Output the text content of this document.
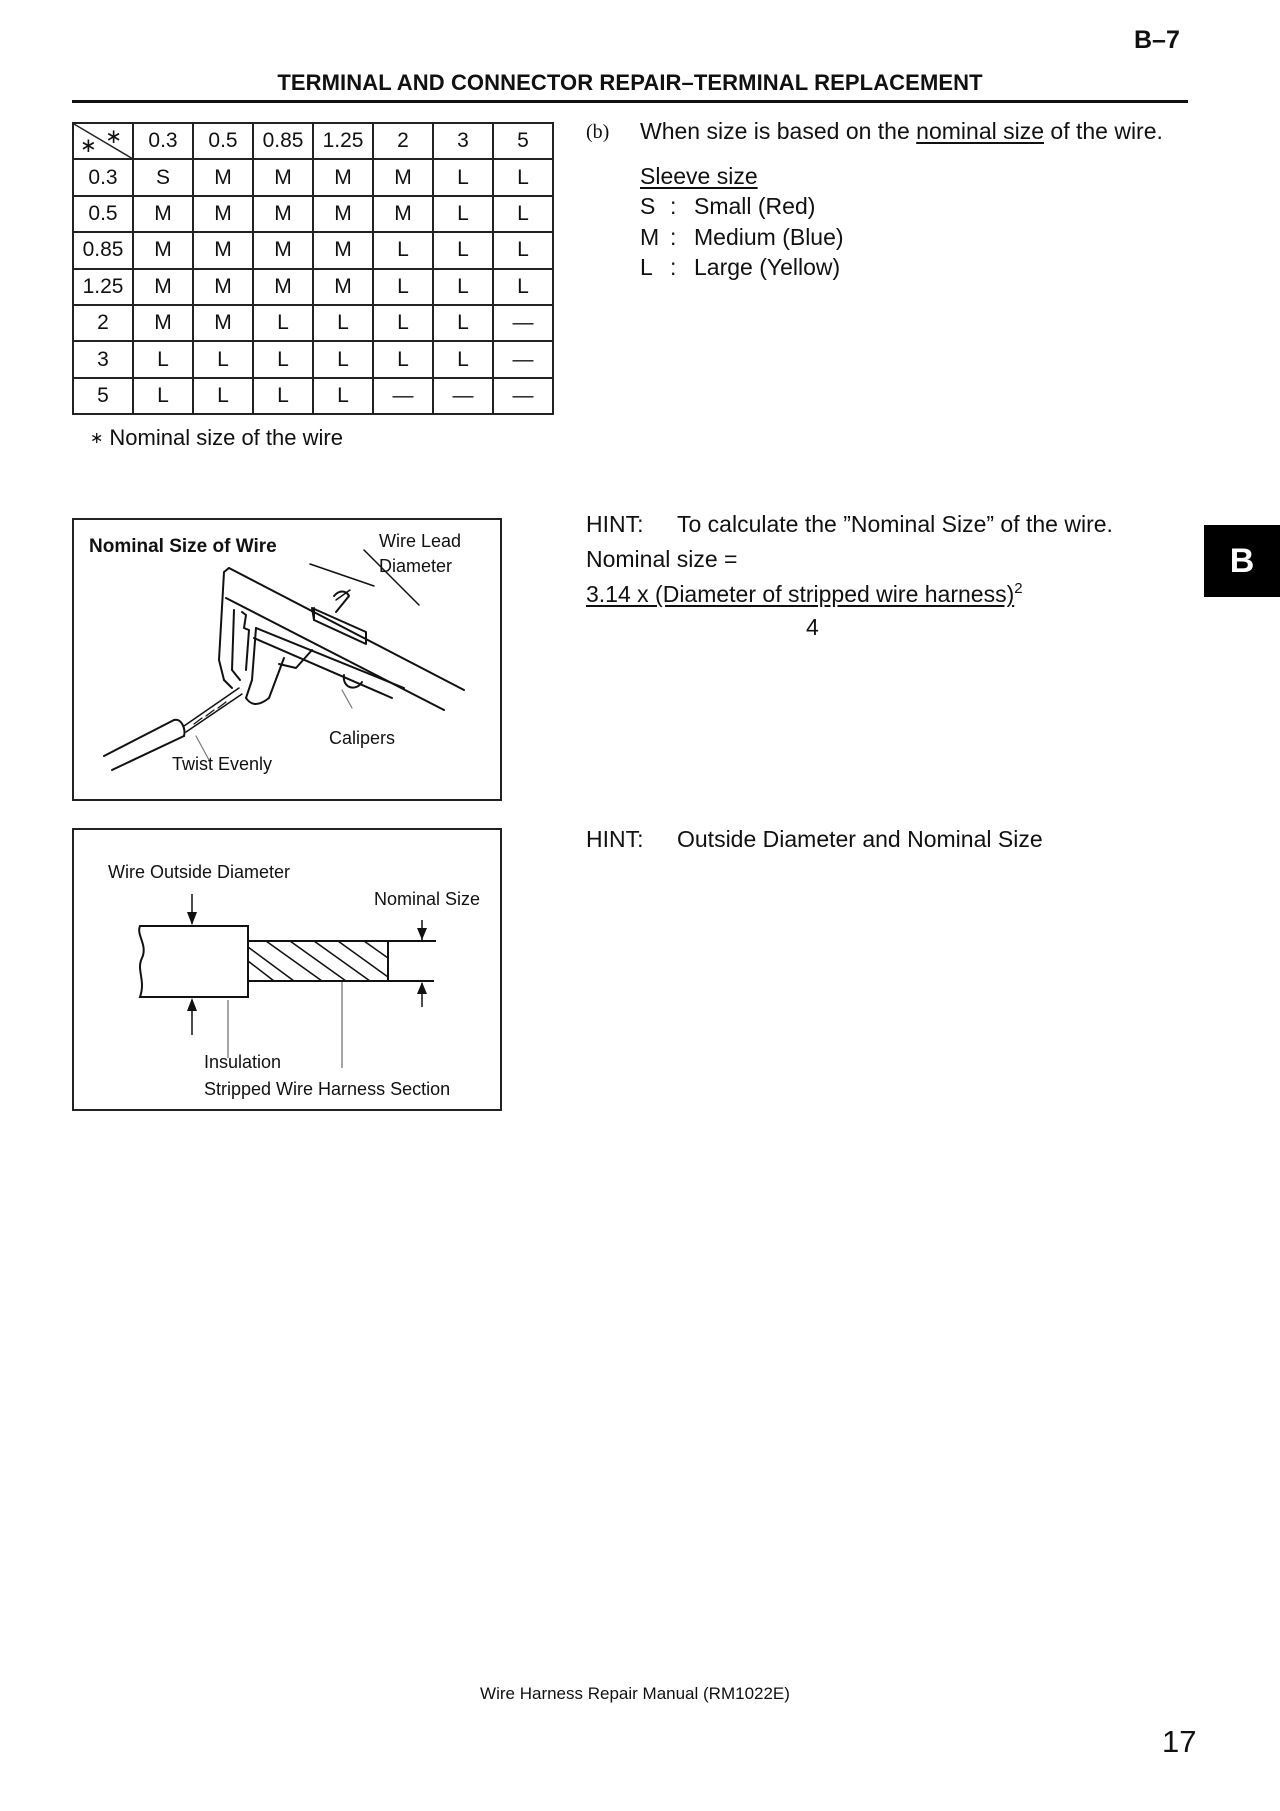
B–7
TERMINAL AND CONNECTOR REPAIR–TERMINAL REPLACEMENT
∗
∗	0.3	0.5	0.85	1.25	2	3	5
0.3	S	M	M	M	M	L	L
0.5	M	M	M	M	M	L	L
0.85	M	M	M	M	L	L	L
1.25	M	M	M	M	L	L	L
2	M	M	L	L	L	L	—
3	L	L	L	L	L	L	—
5	L	L	L	L	—	—	—
∗ Nominal size of the wire
(b) When size is based on the nominal size of the wire.
Sleeve size
S : Small (Red)
M : Medium (Blue)
L : Large (Yellow)
HINT: To calculate the ”Nominal Size” of the wire.
Nominal size =
3.14 x (Diameter of stripped wire harness)$^2$
4
HINT: Outside Diameter and Nominal Size
B
Nominal Size of Wire	Wire Lead
Diameter
Calipers
Twist Evenly
Wire Outside Diameter
Nominal Size
Insulation
Stripped Wire Harness Section
Wire Harness Repair Manual (RM1022E)
17
